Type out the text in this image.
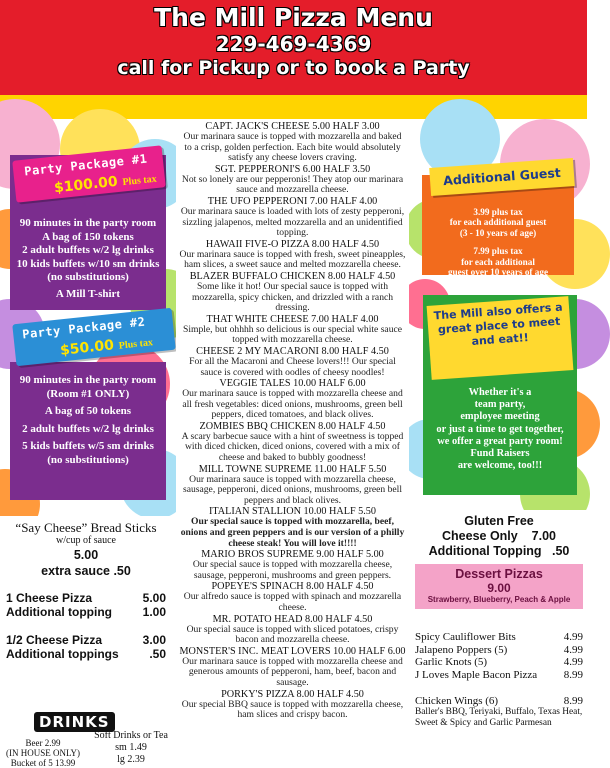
The Mill Pizza Menu
229-469-4369
call for Pickup or to book a Party
Party Package #1
$100.00 Plus tax
90 minutes in the party room
A bag of 150 tokens
2 adult buffets w/2 lg drinks
10 kids buffets w/10 sm drinks
(no substitutions)
A Mill T-shirt
Party Package #2
$50.00 Plus tax
90 minutes in the party room
(Room #1 ONLY)
A bag of 50 tokens
2 adult buffets w/2 lg drinks
5 kids buffets w/5 sm drinks
(no substitutions)
“Say Cheese” Bread Sticks
w/cup of sauce
5.00
extra sauce .50
1 Cheese Pizza	5.00
Additional topping	1.00
1/2 Cheese Pizza	3.00
Additional toppings	.50
DRINKS
Beer 2.99
(IN HOUSE ONLY)
Bucket of 5 13.99
Soft Drinks or Tea
sm 1.49
lg 2.39
CAPT. JACK'S CHEESE 5.00 HALF 3.00
Our marinara sauce is topped with mozzarella and baked to a crisp, golden perfection. Each bite would absolutely satisfy any cheese lovers craving.
SGT. PEPPERONI'S 6.00 HALF 3.50
Not so lonely are our pepperonis! They atop our marinara sauce and mozzarella cheese.
THE UFO PEPPERONI 7.00 HALF 4.00
Our marinara sauce is loaded with lots of zesty pepperoni, sizzling jalapenos, melted mozzarella and an unidentified topping.
HAWAII FIVE-O PIZZA 8.00 HALF 4.50
Our marinara sauce is topped with fresh, sweet pineapples, ham slices, a sweet sauce and melted mozzarella cheese.
BLAZER BUFFALO CHICKEN 8.00 HALF 4.50
Some like it hot! Our special sauce is topped with mozzarella, spicy chicken, and drizzled with a ranch dressing.
THAT WHITE CHEESE 7.00 HALF 4.00
Simple, but ohhhh so delicious is our special white sauce topped with mozzarella cheese.
CHEESE 2 MY MACARONI 8.00 HALF 4.50
For all the Macaroni and Cheese lovers!!! Our special sauce is covered with oodles of cheesy noodles!
VEGGIE TALES 10.00 HALF 6.00
Our marinara sauce is topped with mozzarella cheese and all fresh vegetables: diced onions, mushrooms, green bell peppers, diced tomatoes, and black olives.
ZOMBIES BBQ CHICKEN 8.00 HALF 4.50
A scary barbecue sauce with a hint of sweetness is topped with diced chicken, diced onions, covered with a mix of cheese and baked to bubbly goodness!
MILL TOWNE SUPREME 11.00 HALF 5.50
Our marinara sauce is topped with mozzarella cheese, sausage, pepperoni, diced onions, mushrooms, green bell peppers and black olives.
ITALIAN STALLION 10.00 HALF 5.50
Our special sauce is topped with mozzarella, beef, onions and green peppers and is our version of a philly cheese steak! You will love it!!!!
MARIO BROS SUPREME 9.00 HALF 5.00
Our special sauce is topped with mozzarella cheese, sausage, pepperoni, mushrooms and green peppers.
POPEYE'S SPINACH 8.00 HALF 4.50
Our alfredo sauce is topped with spinach and mozzarella cheese.
MR. POTATO HEAD 8.00 HALF 4.50
Our special sauce is topped with sliced potatoes, crispy bacon and mozzarella cheese.
MONSTER'S INC. MEAT LOVERS 10.00 HALF 6.00
Our marinara sauce is topped with mozzarella cheese and generous amounts of pepperoni, ham, beef, bacon and sausage.
PORKY'S PIZZA 8.00 HALF 4.50
Our special BBQ sauce is topped with mozzarella cheese, ham slices and crispy bacon.
Additional Guest
3.99 plus tax
for each additional guest
(3 - 10 years of age)
7.99 plus tax
for each additional
guest over 10 years of age
The Mill also offers a great place to meet and eat!!
Whether it's a
team party,
employee meeting
or just a time to get together,
we offer a great party room!
Fund Raisers
are welcome, too!!!
Gluten Free
Cheese Only 7.00
Additional Topping .50
Dessert Pizzas
9.00
Strawberry, Blueberry, Peach & Apple
Spicy Cauliflower Bits	4.99
Jalapeno Poppers (5)	4.99
Garlic Knots (5)	4.99
J Loves Maple Bacon Pizza 8.99
Chicken Wings (6)	8.99
Baller's BBQ, Teriyaki, Buffalo, Texas Heat, Sweet & Spicy and Garlic Parmesan
